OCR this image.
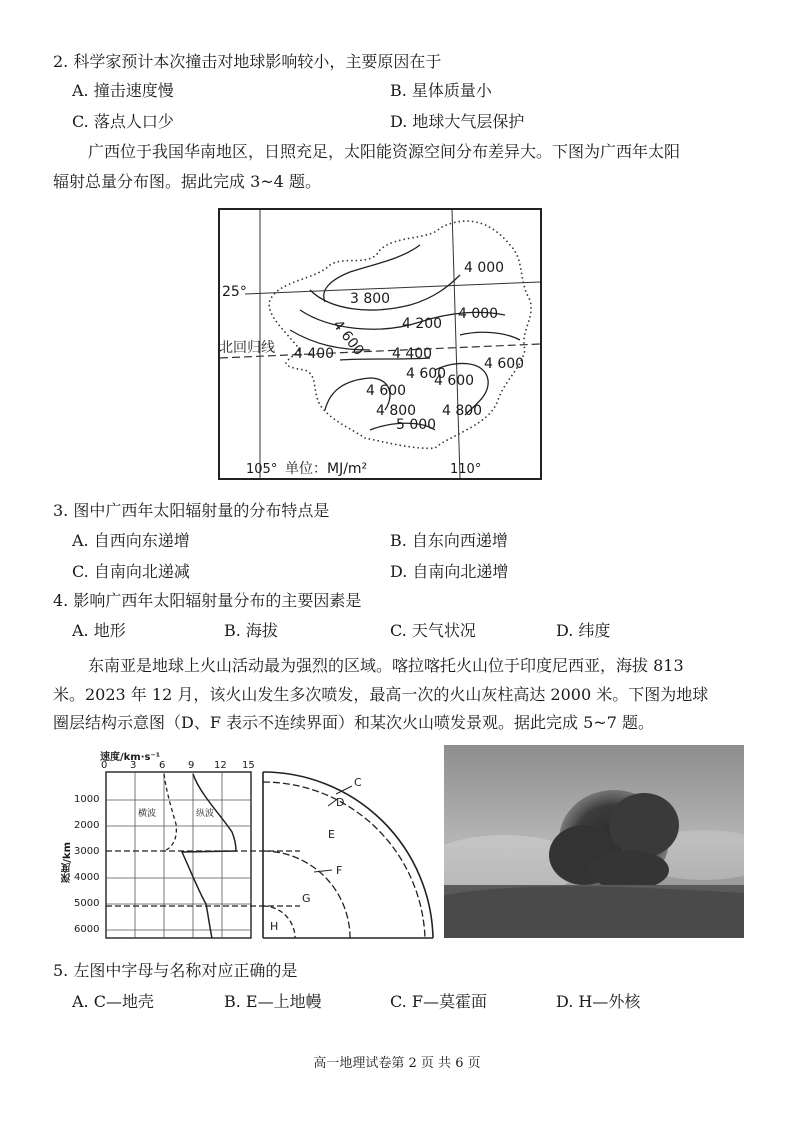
2. 科学家预计本次撞击对地球影响较小，主要原因在于
A. 撞击速度慢	B. 星体质量小
C. 落点人口少	D. 地球大气层保护
广西位于我国华南地区，日照充足，太阳能资源空间分布差异大。下图为广西年太阳
辐射总量分布图。据此完成 3~4 题。
4 000
3 800
4 000
4 200
4 600
4 400	4 400
4 600
4 600
4 600
4 600
4 800 4 800
5 000
25°
北回归线
105° 单位：MJ/m²	110°
3. 图中广西年太阳辐射量的分布特点是
A. 自西向东递增	B. 自东向西递增
C. 自南向北递减	D. 自南向北递增
4. 影响广西年太阳辐射量分布的主要因素是
A. 地形	B. 海拔	C. 天气状况	D. 纬度
东南亚是地球上火山活动最为强烈的区域。喀拉喀托火山位于印度尼西亚，海拔 813
米。2023 年 12 月，该火山发生多次喷发，最高一次的火山灰柱高达 2000 米。下图为地球
圈层结构示意图（D、F 表示不连续界面）和某次火山喷发景观。据此完成 5~7 题。
速度/km·s⁻¹
0 3 6 9 12 15
1000
2000
3000
4000
5000
6000
深度/km
横波	纵波
C
D
E
F
G
H
5. 左图中字母与名称对应正确的是
A. C—地壳	B. E—上地幔	C. F—莫霍面	D. H—外核
高一地理试卷第 2 页 共 6 页
